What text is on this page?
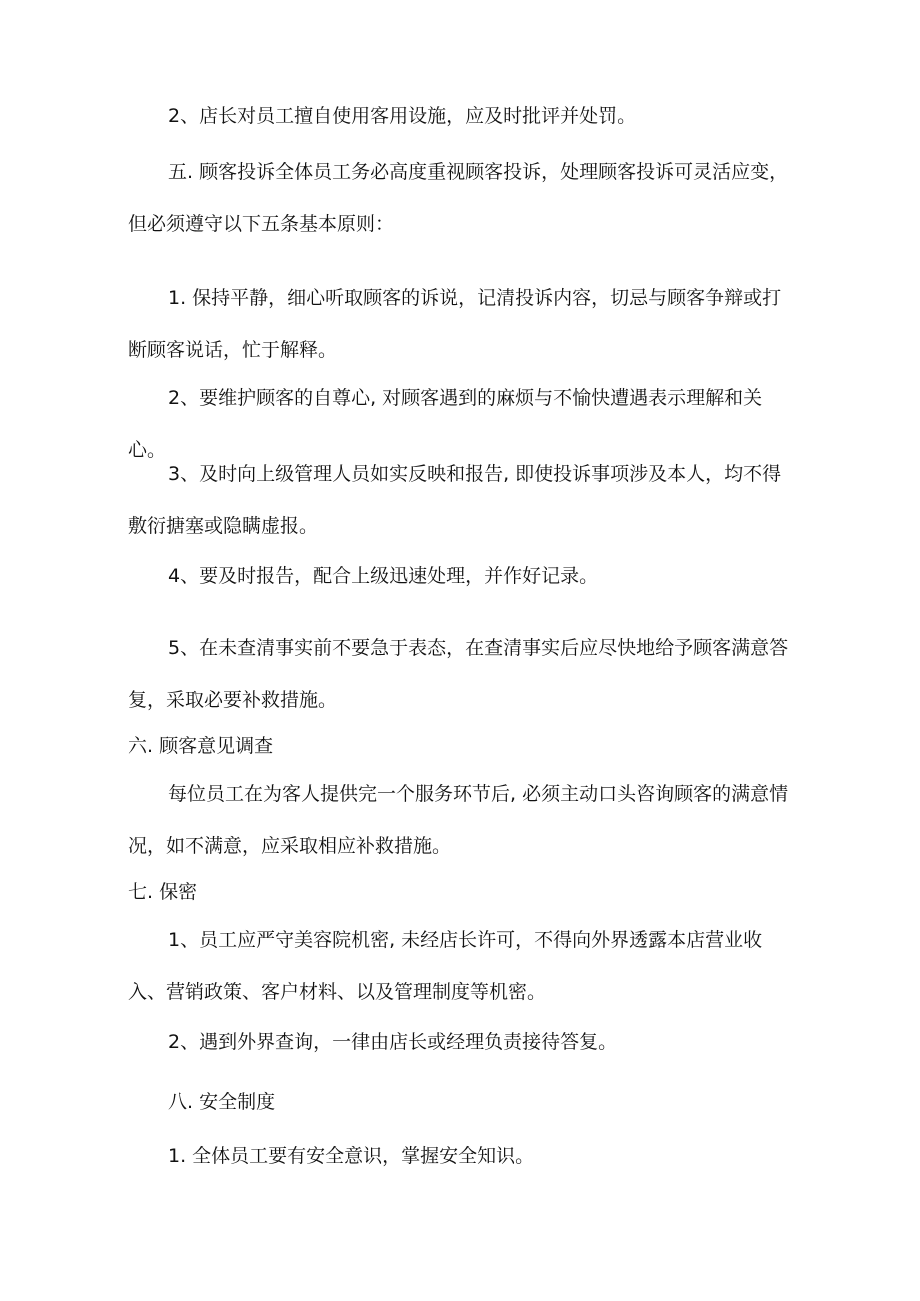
2、店长对员工擅自使用客用设施，应及时批评并处罚。

五. 顾客投诉全体员工务必高度重视顾客投诉，处理顾客投诉可灵活应变，但必须遵守以下五条基本原则：

1. 保持平静，细心听取顾客的诉说，记清投诉内容，切忌与顾客争辩或打断顾客说话，忙于解释。

2、要维护顾客的自尊心, 对顾客遇到的麻烦与不愉快遭遇表示理解和关心。

3、及时向上级管理人员如实反映和报告, 即使投诉事项涉及本人，均不得敷衍搪塞或隐瞒虚报。

4、要及时报告，配合上级迅速处理，并作好记录。

5、在未查清事实前不要急于表态，在查清事实后应尽快地给予顾客满意答复，采取必要补救措施。

六. 顾客意见调查

每位员工在为客人提供完一个服务环节后, 必须主动口头咨询顾客的满意情况，如不满意，应采取相应补救措施。

七. 保密

1、员工应严守美容院机密, 未经店长许可，不得向外界透露本店营业收入、营销政策、客户材料、以及管理制度等机密。

2、遇到外界查询，一律由店长或经理负责接待答复。

八. 安全制度

1. 全体员工要有安全意识，掌握安全知识。
